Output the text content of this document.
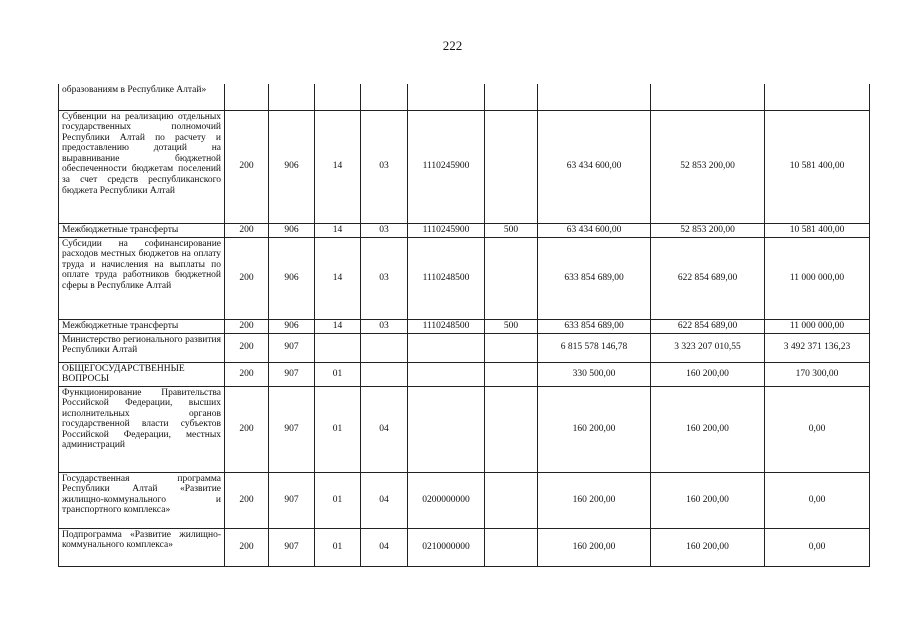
222
образованиям в Республике Алтай»									
Субвенции на реализацию отдельных государственных полномочий Республики Алтай по расчету и предоставлению дотаций на выравнивание бюджетной обеспеченности бюджетам поселений за счет средств республиканского бюджета Республики Алтай	200	906	14	03	1110245900		63 434 600,00	52 853 200,00	10 581 400,00
Межбюджетные трансферты	200	906	14	03	1110245900	500	63 434 600,00	52 853 200,00	10 581 400,00
Субсидии на софинансирование расходов местных бюджетов на оплату труда и начисления на выплаты по оплате труда работников бюджетной сферы в Республике Алтай	200	906	14	03	1110248500		633 854 689,00	622 854 689,00	11 000 000,00
Межбюджетные трансферты	200	906	14	03	1110248500	500	633 854 689,00	622 854 689,00	11 000 000,00
Министерство регионального развития Республики Алтай	200	907					6 815 578 146,78	3 323 207 010,55	3 492 371 136,23
ОБЩЕГОСУДАРСТВЕННЫЕ ВОПРОСЫ	200	907	01				330 500,00	160 200,00	170 300,00
Функционирование Правительства Российской Федерации, высших исполнительных органов государственной власти субъектов Российской Федерации, местных администраций	200	907	01	04			160 200,00	160 200,00	0,00
Государственная программа Республики Алтай «Развитие жилищно-коммунального и транспортного комплекса»	200	907	01	04	0200000000		160 200,00	160 200,00	0,00
Подпрограмма «Развитие жилищно-коммунального комплекса»	200	907	01	04	0210000000		160 200,00	160 200,00	0,00
